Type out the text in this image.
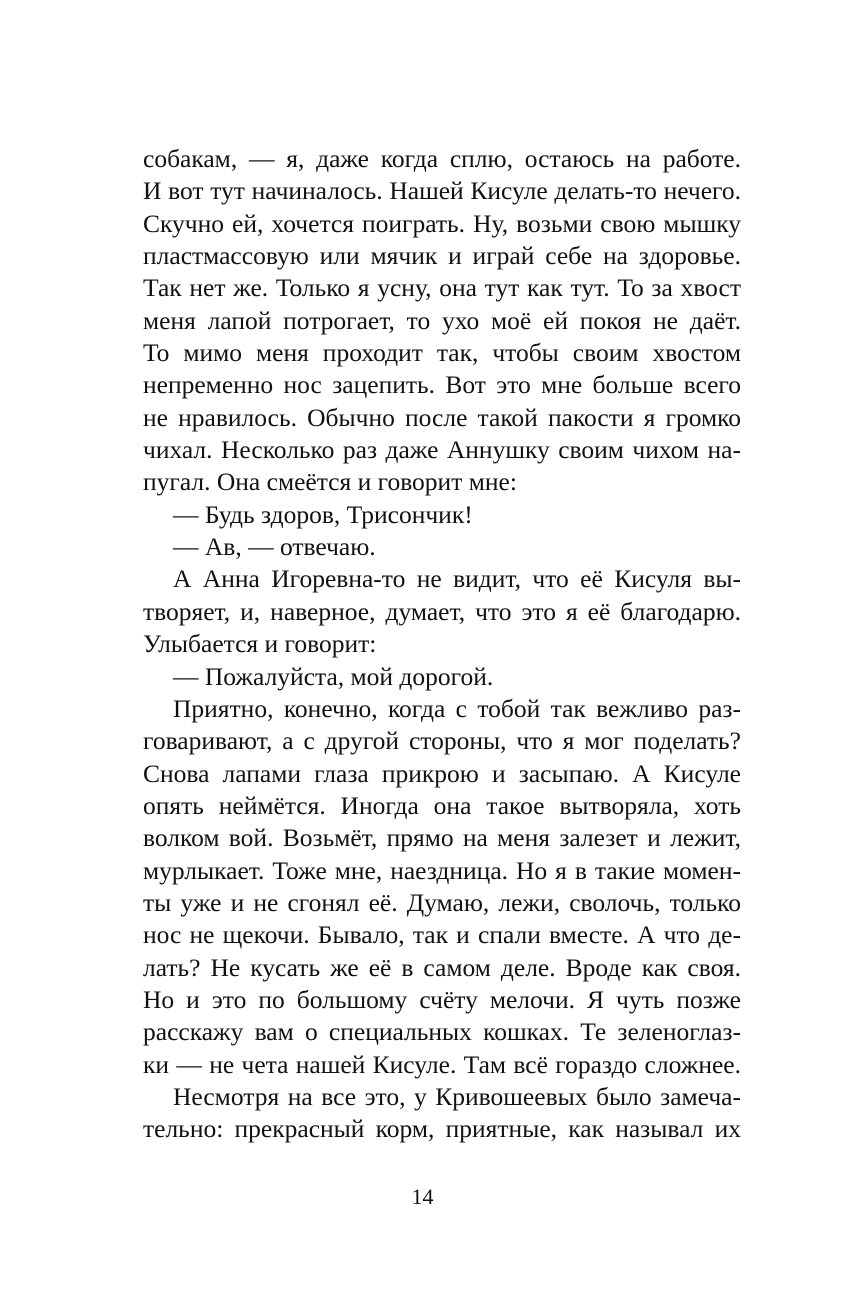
собакам, — я, даже когда сплю, остаюсь на работе.
И вот тут начиналось. Нашей Кисуле делать-то нечего.
Скучно ей, хочется поиграть. Ну, возьми свою мышку
пластмассовую или мячик и играй себе на здоровье.
Так нет же. Только я усну, она тут как тут. То за хвост
меня лапой потрогает, то ухо моё ей покоя не даёт.
То мимо меня проходит так, чтобы своим хвостом
непременно нос зацепить. Вот это мне больше всего
не нравилось. Обычно после такой пакости я громко
чихал. Несколько раз даже Аннушку своим чихом на-
пугал. Она смеётся и говорит мне:
— Будь здоров, Трисончик!
— Ав, — отвечаю.
А Анна Игоревна-то не видит, что её Кисуля вы-
творяет, и, наверное, думает, что это я её благодарю.
Улыбается и говорит:
— Пожалуйста, мой дорогой.
Приятно, конечно, когда с тобой так вежливо раз-
говаривают, а с другой стороны, что я мог поделать?
Снова лапами глаза прикрою и засыпаю. А Кисуле
опять неймётся. Иногда она такое вытворяла, хоть
волком вой. Возьмёт, прямо на меня залезет и лежит,
мурлыкает. Тоже мне, наездница. Но я в такие момен-
ты уже и не сгонял её. Думаю, лежи, сволочь, только
нос не щекочи. Бывало, так и спали вместе. А что де-
лать? Не кусать же её в самом деле. Вроде как своя.
Но и это по большому счёту мелочи. Я чуть позже
расскажу вам о специальных кошках. Те зеленоглаз-
ки — не чета нашей Кисуле. Там всё гораздо сложнее.
Несмотря на все это, у Кривошеевых было замеча-
тельно: прекрасный корм, приятные, как называл их
14
